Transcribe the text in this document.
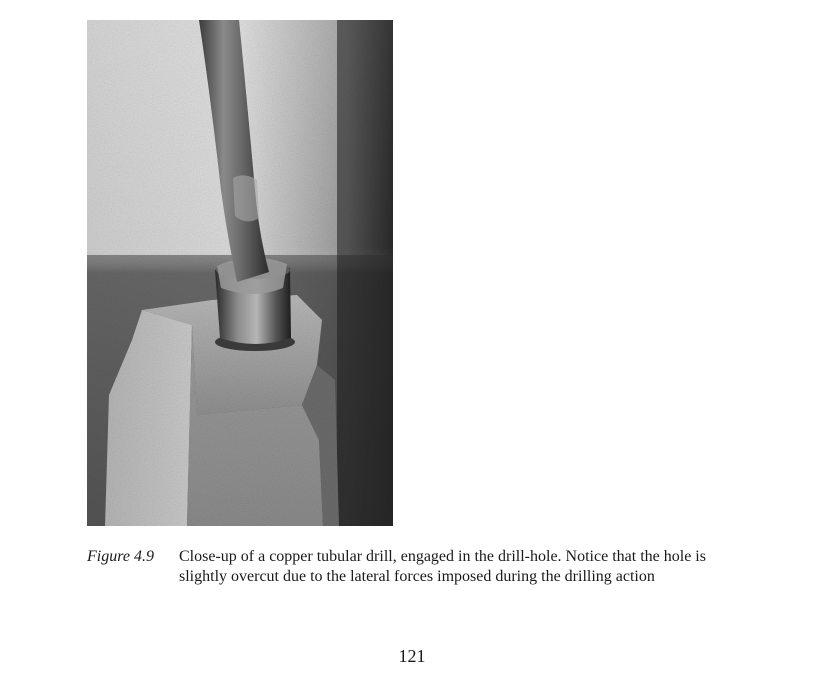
Figure 4.9 Close-up of a copper tubular drill, engaged in the drill-hole. Notice that the hole is slightly overcut due to the lateral forces imposed during the drilling action
121
